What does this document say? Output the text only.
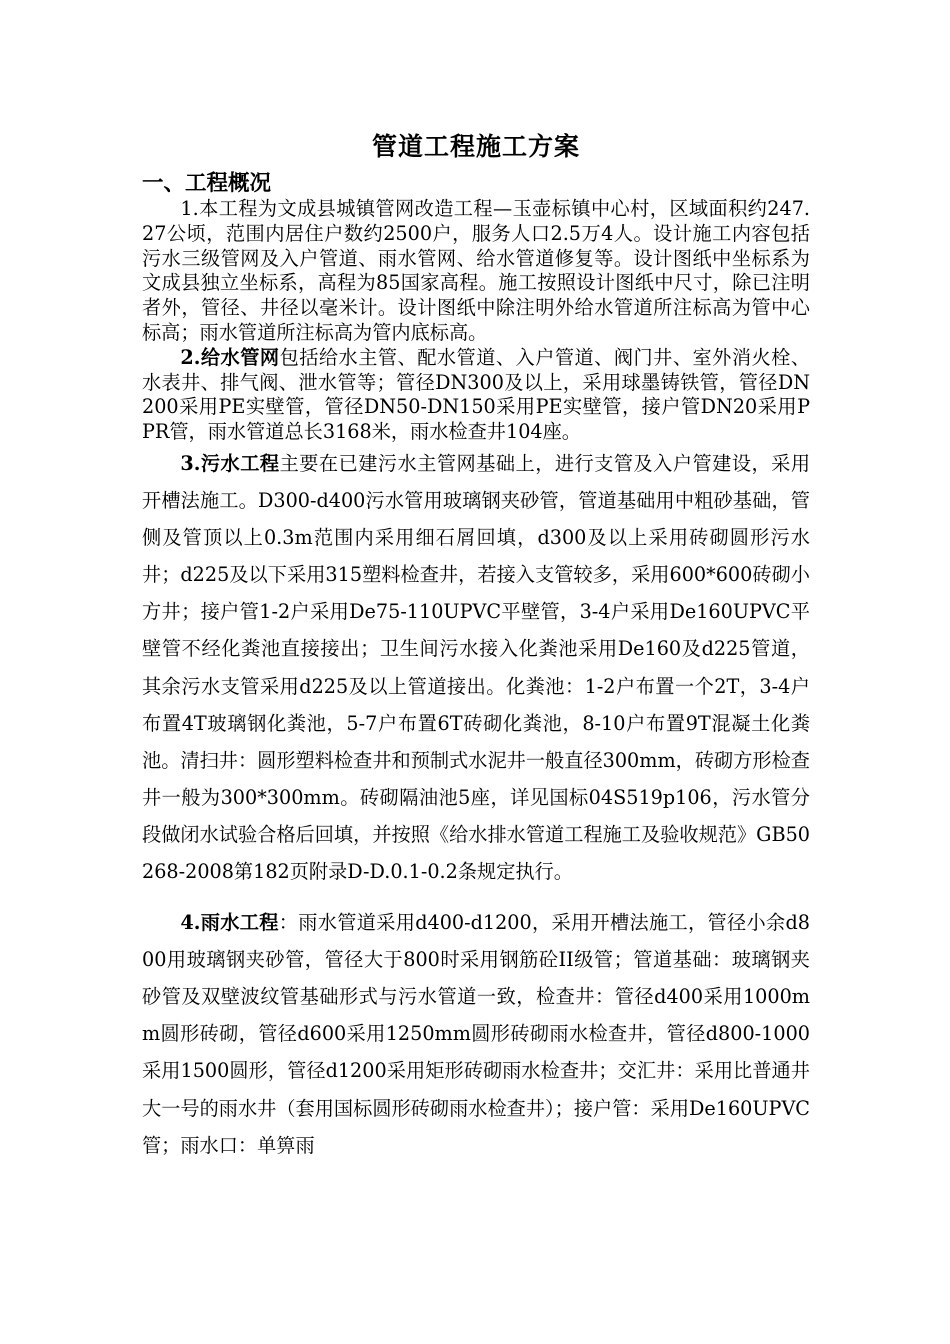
管道工程施工方案
一、工程概况

1.本工程为文成县城镇管网改造工程—玉壶标镇中心村，区域面积约247.27公顷，范围内居住户数约2500户，服务人口2.5万4人。设计施工内容包括污水三级管网及入户管道、雨水管网、给水管道修复等。设计图纸中坐标系为文成县独立坐标系，高程为85国家高程。施工按照设计图纸中尺寸，除已注明者外，管径、井径以毫米计。设计图纸中除注明外给水管道所注标高为管中心标高；雨水管道所注标高为管内底标高。

2.给水管网包括给水主管、配水管道、入户管道、阀门井、室外消火栓、水表井、排气阀、泄水管等；管径DN300及以上，采用球墨铸铁管，管径DN200采用PE实壁管，管径DN50-DN150采用PE实壁管，接户管DN20采用PPR管，雨水管道总长3168米，雨水检查井104座。

3.污水工程主要在已建污水主管网基础上，进行支管及入户管建设，采用开槽法施工。D300-d400污水管用玻璃钢夹砂管，管道基础用中粗砂基础，管侧及管顶以上0.3m范围内采用细石屑回填，d300及以上采用砖砌圆形污水井；d225及以下采用315塑料检查井，若接入支管较多，采用600*600砖砌小方井；接户管1-2户采用De75-110UPVC平壁管，3-4户采用De160UPVC平壁管不经化粪池直接接出；卫生间污水接入化粪池采用De160及d225管道，其余污水支管采用d225及以上管道接出。化粪池：1-2户布置一个2T，3-4户布置4T玻璃钢化粪池，5-7户布置6T砖砌化粪池，8-10户布置9T混凝土化粪池。清扫井：圆形塑料检查井和预制式水泥井一般直径300mm，砖砌方形检查井一般为300*300mm。砖砌隔油池5座，详见国标04S519p106，污水管分段做闭水试验合格后回填，并按照《给水排水管道工程施工及验收规范》GB50268-2008第182页附录D-D.0.1-0.2条规定执行。

4.雨水工程：雨水管道采用d400-d1200，采用开槽法施工，管径小余d800用玻璃钢夹砂管，管径大于800时采用钢筋砼II级管；管道基础：玻璃钢夹砂管及双壁波纹管基础形式与污水管道一致，检查井：管径d400采用1000mm圆形砖砌，管径d600采用1250mm圆形砖砌雨水检查井，管径d800-1000采用1500圆形，管径d1200采用矩形砖砌雨水检查井；交汇井：采用比普通井大一号的雨水井（套用国标圆形砖砌雨水检查井）；接户管：采用De160UPVC管；雨水口：单箅雨
